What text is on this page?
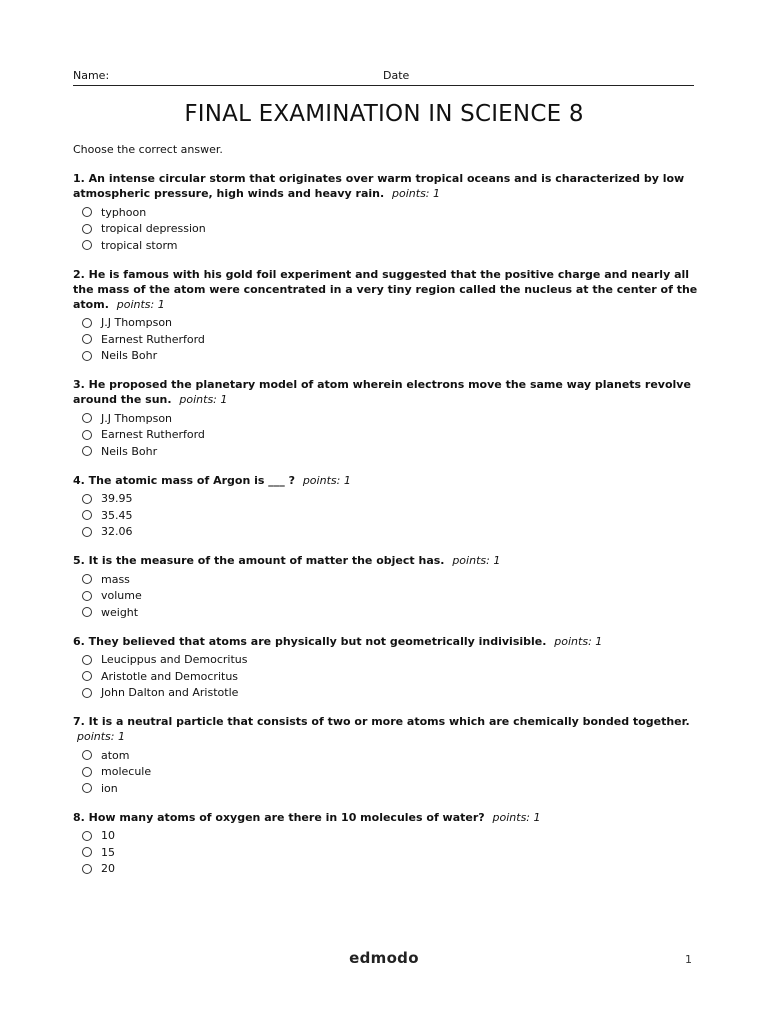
Name:	Date
FINAL EXAMINATION IN SCIENCE 8
Choose the correct answer.

1. An intense circular storm that originates over warm tropical oceans and is characterized by low atmospheric pressure, high winds and heavy rain. points: 1

typhoon
tropical depression
tropical storm

2. He is famous with his gold foil experiment and suggested that the positive charge and nearly all the mass of the atom were concentrated in a very tiny region called the nucleus at the center of the atom. points: 1

J.J Thompson
Earnest Rutherford
Neils Bohr

3. He proposed the planetary model of atom wherein electrons move the same way planets revolve around the sun. points: 1

J.J Thompson
Earnest Rutherford
Neils Bohr

4. The atomic mass of Argon is ___ ? points: 1

39.95
35.45
32.06

5. It is the measure of the amount of matter the object has. points: 1

mass
volume
weight

6. They believed that atoms are physically but not geometrically indivisible. points: 1

Leucippus and Democritus
Aristotle and Democritus
John Dalton and Aristotle

7. It is a neutral particle that consists of two or more atoms which are chemically bonded together. points: 1

atom
molecule
ion

8. How many atoms of oxygen are there in 10 molecules of water? points: 1

10
15
20
edmodo	1
